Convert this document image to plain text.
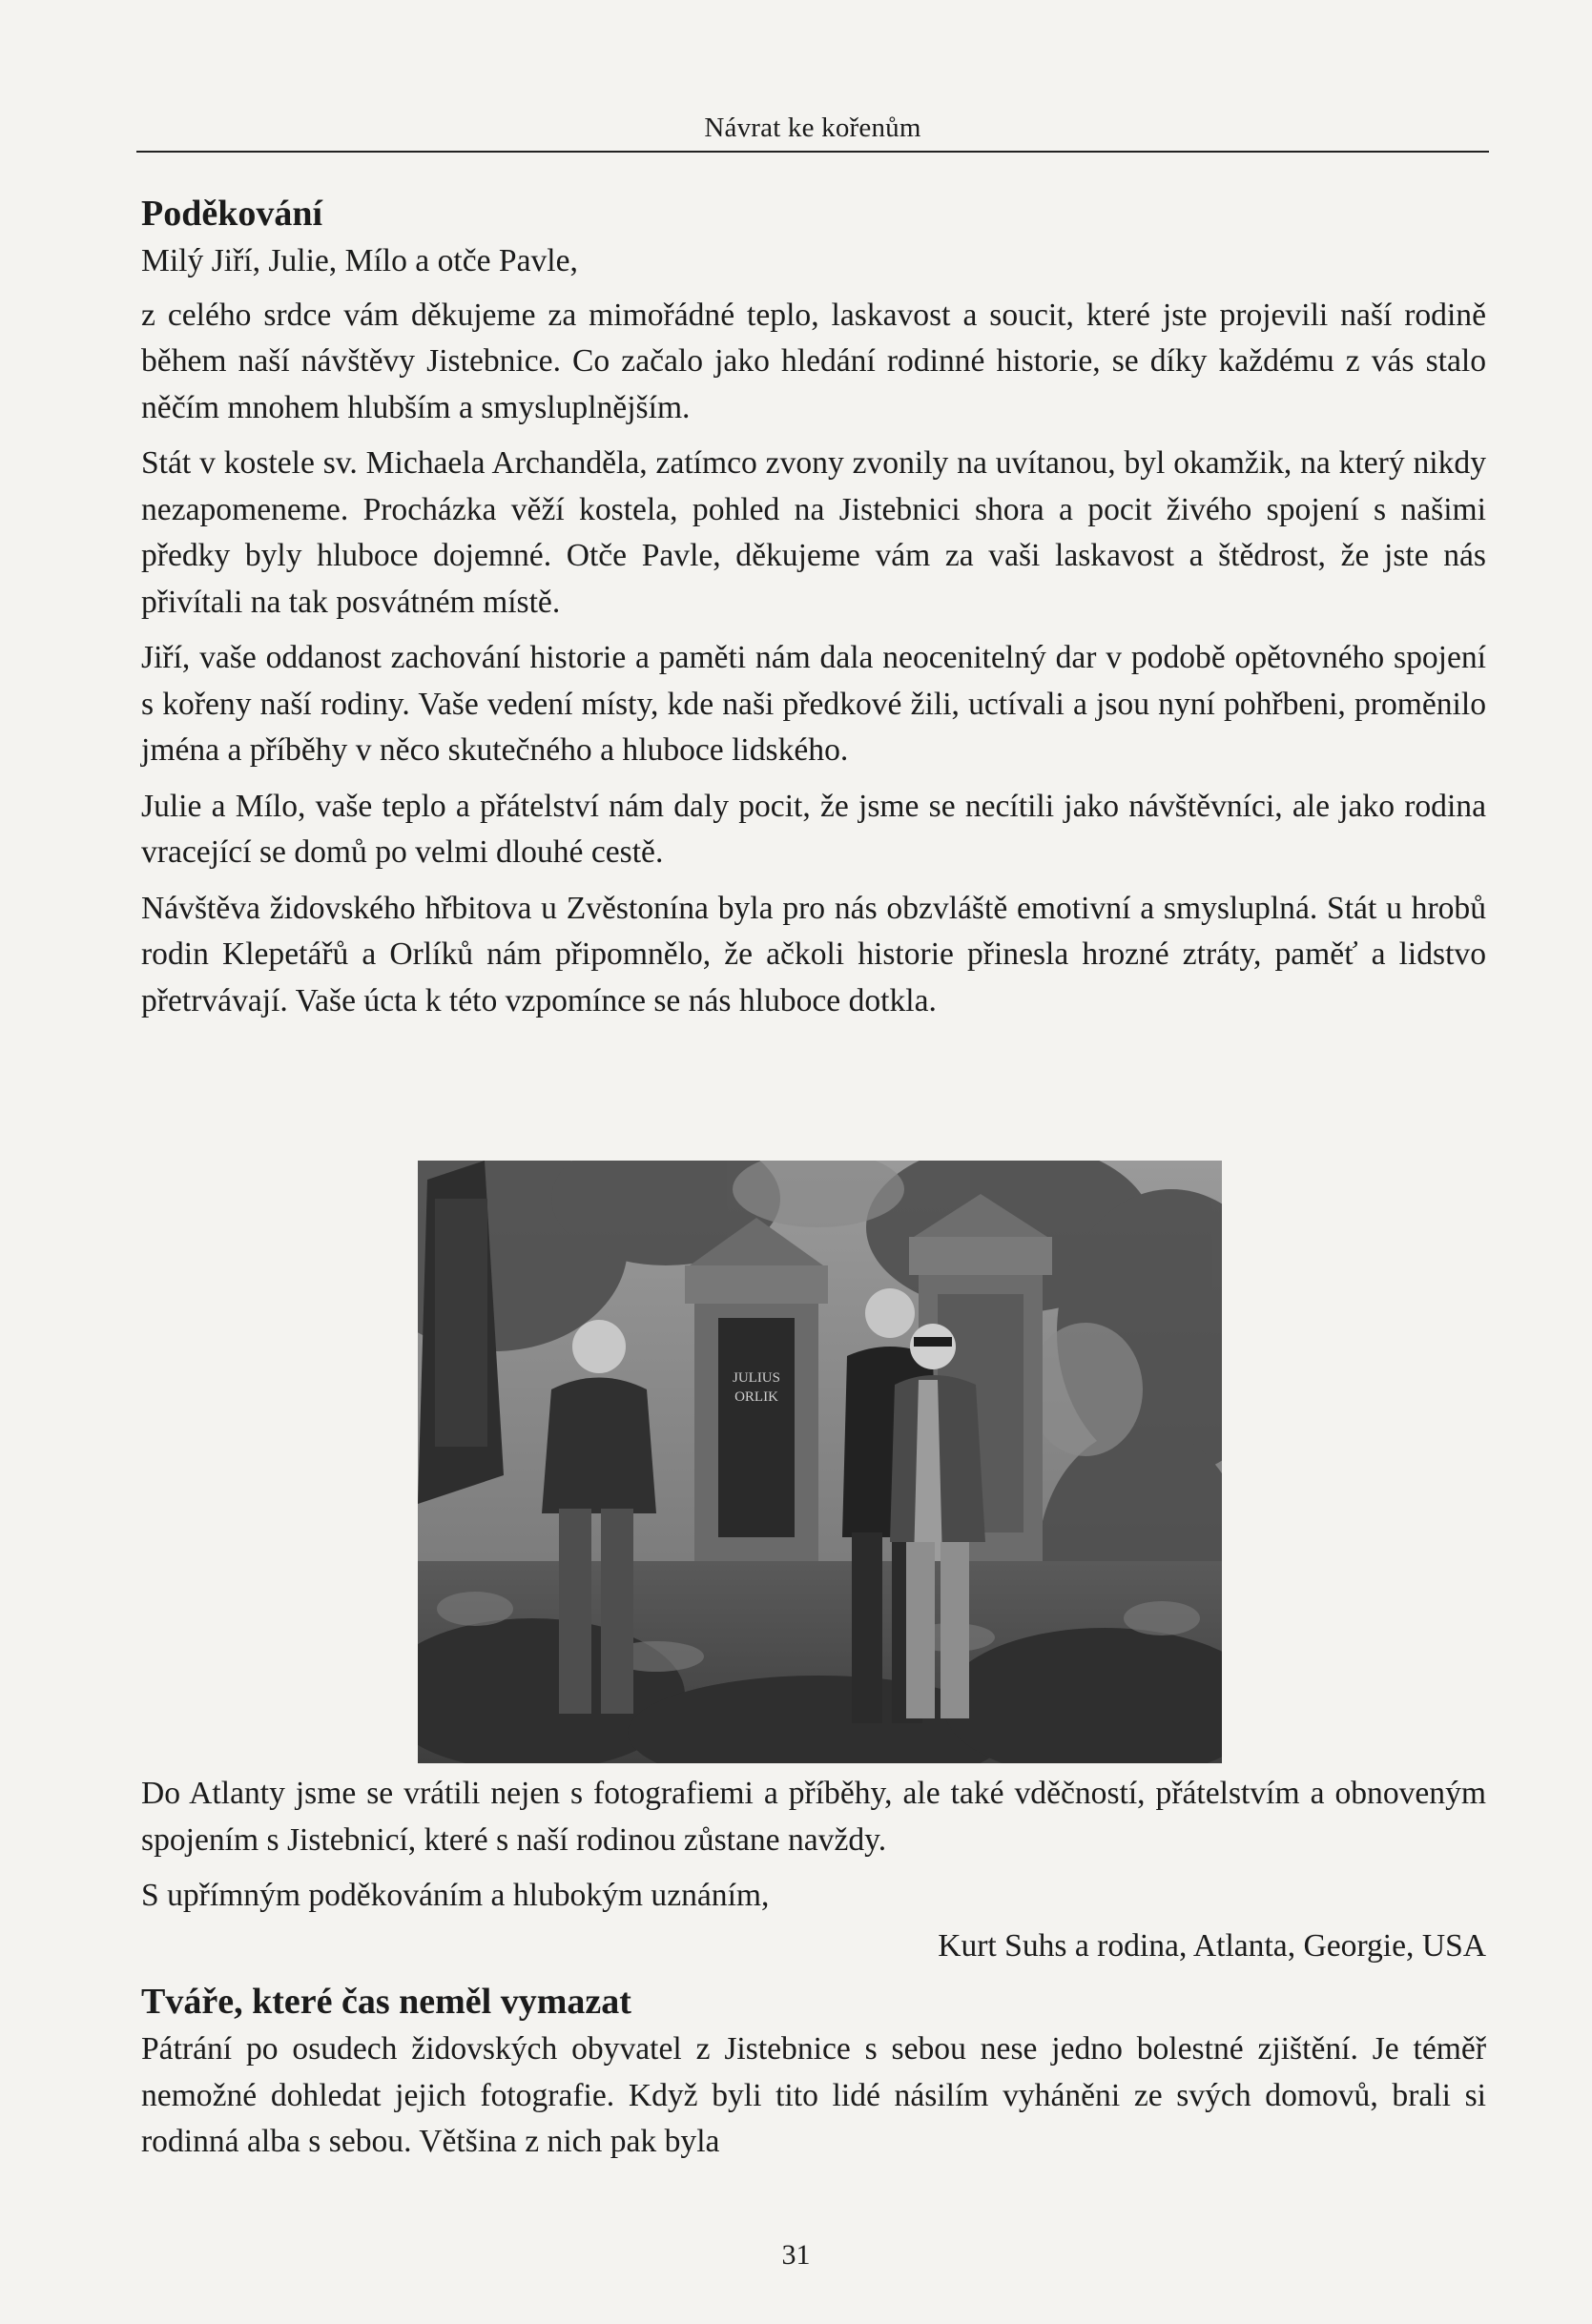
Návrat ke kořenům
Poděkování

Milý Jiří, Julie, Mílo a otče Pavle,

z celého srdce vám děkujeme za mimořádné teplo, laskavost a soucit, které jste projevili naší rodině během naší návštěvy Jistebnice. Co začalo jako hledání rodinné historie, se díky každému z vás stalo něčím mnohem hlubším a smysluplnějším.

Stát v kostele sv. Michaela Archanděla, zatímco zvony zvonily na uvítanou, byl okamžik, na který nikdy nezapomeneme. Procházka věží kostela, pohled na Jistebnici shora a pocit živého spojení s našimi předky byly hluboce dojemné. Otče Pavle, děkujeme vám za vaši laskavost a štědrost, že jste nás přivítali na tak posvátném místě.

Jiří, vaše oddanost zachování historie a paměti nám dala neocenitelný dar v podobě opětovného spojení s kořeny naší rodiny. Vaše vedení místy, kde naši předkové žili, uctívali a jsou nyní pohřbeni, proměnilo jména a příběhy v něco skutečného a hluboce lidského.

Julie a Mílo, vaše teplo a přátelství nám daly pocit, že jsme se necítili jako návštěvníci, ale jako rodina vracející se domů po velmi dlouhé cestě.

Návštěva židovského hřbitova u Zvěstonína byla pro nás obzvláště emotivní a smysluplná. Stát u hrobů rodin Klepetářů a Orlíků nám připomnělo, že ačkoli historie přinesla hrozné ztráty, paměť a lidstvo přetrvávají. Vaše úcta k této vzpomínce se nás hluboce dotkla.

JULIUS
ORLIK

Do Atlanty jsme se vrátili nejen s fotografiemi a příběhy, ale také vděčností, přátelstvím a obnoveným spojením s Jistebnicí, které s naší rodinou zůstane navždy.

S upřímným poděkováním a hlubokým uznáním,

Kurt Suhs a rodina, Atlanta, Georgie, USA

Tváře, které čas neměl vymazat

Pátrání po osudech židovských obyvatel z Jistebnice s sebou nese jedno bolestné zjištění. Je téměř nemožné dohledat jejich fotografie. Když byli tito lidé násilím vyháněni ze svých domovů, brali si rodinná alba s sebou. Většina z nich pak byla

31
